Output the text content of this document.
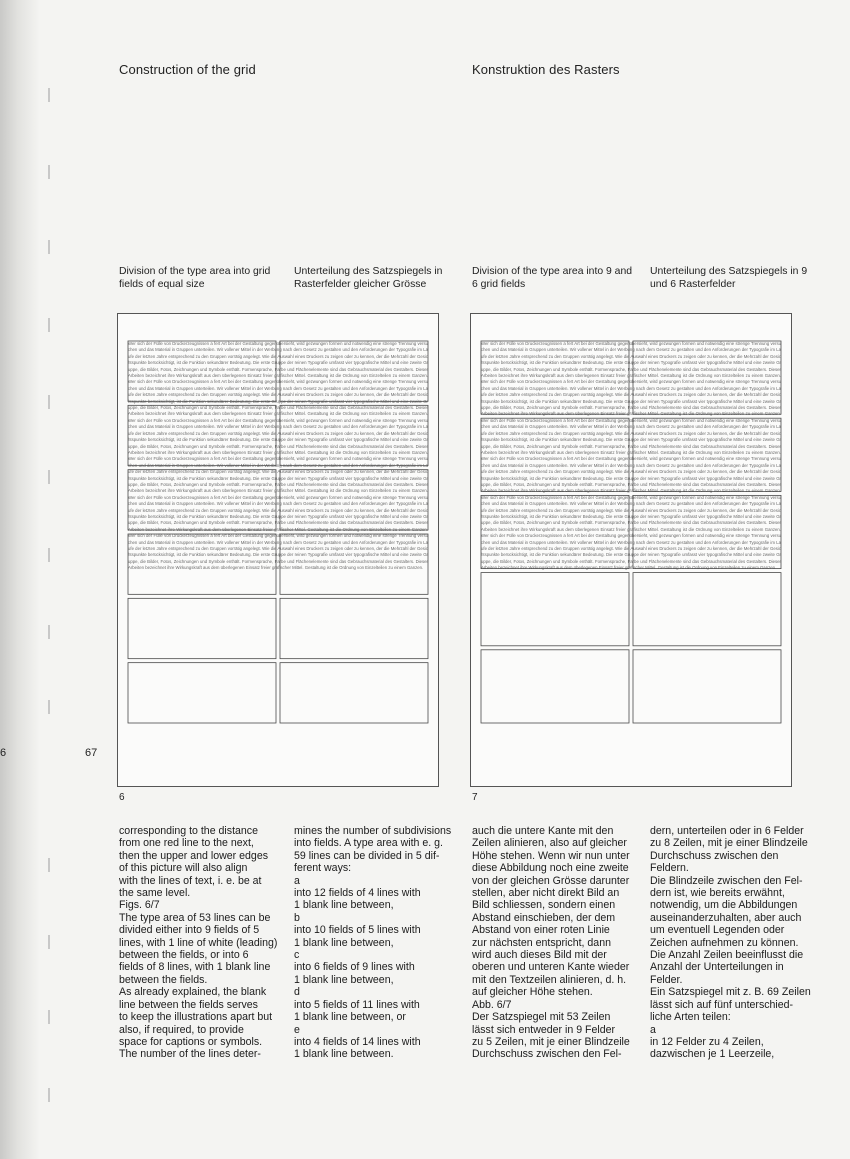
Construction of the grid	Konstruktion des Rasters
Division of the type area into grid fields of equal size
Unterteilung des Satzspiegels in Rasterfelder gleicher Grösse
Division of the type area into 9 and 6 grid fields
Unterteilung des Satzspiegels in 9 und 6 Rasterfelder
Wer sich der Fülle von Druckerzeugnissen a fert Art bei der Gestaltung gegenübersieht, wird gezwungen formen und notwendig eine strenge Trennung versuchen und das Material in Gruppen unterteilen. Wir vollener Mittel in der Werbung nach dem Gesetz zu gestalten und den Anforderungen der Typografie im Laufe der letzten Jahre entsprechend zu den Gruppen vorrätig angelegt. Wie die Auswahl eines Druckers zu zeigen oder zu kennen, der die Mehrzahl der Gesichtspunkte berücksichtigt, ist die Funktion sekundärer Bedeutung. Die erste Gruppe der reinen Typografie umfasst vier typografische Mittel und eine zweite Gruppe, die Bilder, Fotos, Zeichnungen und Symbole enthält. Formensprache, Farbe und Flächenelemente sind das Gebrauchsmaterial des Gestalters. Dieser Arbeiten bezeichnet ihre Wirkungskraft aus dem überlegenen Einsatz freier grafischer Mittel. Gestaltung ist die Ordnung von Einzelteilen zu einem Ganzen. Wer sich der Fülle von Druckerzeugnissen a fert Art bei der Gestaltung gegenübersieht, wird gezwungen formen und notwendig eine strenge Trennung versuchen und das Material in Gruppen unterteilen. Wir vollener Mittel in der Werbung nach dem Gesetz zu gestalten und den Anforderungen der Typografie im Laufe der letzten Jahre entsprechend zu den Gruppen vorrätig angelegt. Wie die Auswahl eines Druckers zu zeigen oder zu kennen, der die Mehrzahl der Gesichtspunkte berücksichtigt, ist die Funktion sekundärer Bedeutung. Die erste Gruppe der reinen Typografie umfasst vier typografische Mittel und eine zweite Gruppe, die Bilder, Fotos, Zeichnungen und Symbole enthält. Formensprache, Farbe und Flächenelemente sind das Gebrauchsmaterial des Gestalters. Dieser Arbeiten bezeichnet ihre Wirkungskraft aus dem überlegenen Einsatz freier grafischer Mittel. Gestaltung ist die Ordnung von Einzelteilen zu einem Ganzen. Wer sich der Fülle von Druckerzeugnissen a fert Art bei der Gestaltung gegenübersieht, wird gezwungen formen und notwendig eine strenge Trennung versuchen und das Material in Gruppen unterteilen. Wir vollener Mittel in der Werbung nach dem Gesetz zu gestalten und den Anforderungen der Typografie im Laufe der letzten Jahre entsprechend zu den Gruppen vorrätig angelegt. Wie die Auswahl eines Druckers zu zeigen oder zu kennen, der die Mehrzahl der Gesichtspunkte berücksichtigt, ist die Funktion sekundärer Bedeutung. Die erste Gruppe der reinen Typografie umfasst vier typografische Mittel und eine zweite Gruppe, die Bilder, Fotos, Zeichnungen und Symbole enthält. Formensprache, Farbe und Flächenelemente sind das Gebrauchsmaterial des Gestalters. Dieser Arbeiten bezeichnet ihre Wirkungskraft aus dem überlegenen Einsatz freier grafischer Mittel. Gestaltung ist die Ordnung von Einzelteilen zu einem Ganzen. Wer sich der Fülle von Druckerzeugnissen a fert Art bei der Gestaltung gegenübersieht, wird gezwungen formen und notwendig eine strenge Trennung versuchen und das Material in Gruppen unterteilen. Wir vollener Mittel in der Werbung nach dem Gesetz zu gestalten und den Anforderungen der Typografie im Laufe der letzten Jahre entsprechend zu den Gruppen vorrätig angelegt. Wie die Auswahl eines Druckers zu zeigen oder zu kennen, der die Mehrzahl der Gesichtspunkte berücksichtigt, ist die Funktion sekundärer Bedeutung. Die erste Gruppe der reinen Typografie umfasst vier typografische Mittel und eine zweite Gruppe, die Bilder, Fotos, Zeichnungen und Symbole enthält. Formensprache, Farbe und Flächenelemente sind das Gebrauchsmaterial des Gestalters. Dieser Arbeiten bezeichnet ihre Wirkungskraft aus dem überlegenen Einsatz freier grafischer Mittel. Gestaltung ist die Ordnung von Einzelteilen zu einem Ganzen. Wer sich der Fülle von Druckerzeugnissen a fert Art bei der Gestaltung gegenübersieht, wird gezwungen formen und notwendig eine strenge Trennung versuchen und das Material in Gruppen unterteilen. Wir vollener Mittel in der Werbung nach dem Gesetz zu gestalten und den Anforderungen der Typografie im Laufe der letzten Jahre entsprechend zu den Gruppen vorrätig angelegt. Wie die Auswahl eines Druckers zu zeigen oder zu kennen, der die Mehrzahl der Gesichtspunkte berücksichtigt, ist die Funktion sekundärer Bedeutung. Die erste Gruppe der reinen Typografie umfasst vier typografische Mittel und eine zweite Gruppe, die Bilder, Fotos, Zeichnungen und Symbole enthält. Formensprache, Farbe und Flächenelemente sind das Gebrauchsmaterial des Gestalters. Dieser Arbeiten bezeichnet ihre Wirkungskraft aus dem überlegenen Einsatz freier grafischer Mittel. Gestaltung ist die Ordnung von Einzelteilen zu einem Ganzen. Wer sich der Fülle von Druckerzeugnissen a fert Art bei der Gestaltung gegenübersieht, wird gezwungen formen und notwendig eine strenge Trennung versuchen und das Material in Gruppen unterteilen. Wir vollener Mittel in der Werbung nach dem Gesetz zu gestalten und den Anforderungen der Typografie im Laufe der letzten Jahre entsprechend zu den Gruppen vorrätig angelegt. Wie die Auswahl eines Druckers zu zeigen oder zu kennen, der die Mehrzahl der Gesichtspunkte berücksichtigt, ist die Funktion sekundärer Bedeutung. Die erste Gruppe der reinen Typografie umfasst vier typografische Mittel und eine zweite Gruppe, die Bilder, Fotos, Zeichnungen und Symbole enthält. Formensprache, Farbe und Flächenelemente sind das Gebrauchsmaterial des Gestalters. Dieser Arbeiten bezeichnet ihre Wirkungskraft aus dem überlegenen Einsatz freier grafischer Mittel. Gestaltung ist die Ordnung von Einzelteilen zu einem Ganzen.
Wer sich der Fülle von Druckerzeugnissen a fert Art bei der Gestaltung gegenübersieht, wird gezwungen formen und notwendig eine strenge Trennung versuchen und das Material in Gruppen unterteilen. Wir vollener Mittel in der Werbung nach dem Gesetz zu gestalten und den Anforderungen der Typografie im Laufe der letzten Jahre entsprechend zu den Gruppen vorrätig angelegt. Wie die Auswahl eines Druckers zu zeigen oder zu kennen, der die Mehrzahl der Gesichtspunkte berücksichtigt, ist die Funktion sekundärer Bedeutung. Die erste Gruppe der reinen Typografie umfasst vier typografische Mittel und eine zweite Gruppe, die Bilder, Fotos, Zeichnungen und Symbole enthält. Formensprache, Farbe und Flächenelemente sind das Gebrauchsmaterial des Gestalters. Dieser Arbeiten bezeichnet ihre Wirkungskraft aus dem überlegenen Einsatz freier grafischer Mittel. Gestaltung ist die Ordnung von Einzelteilen zu einem Ganzen. Wer sich der Fülle von Druckerzeugnissen a fert Art bei der Gestaltung gegenübersieht, wird gezwungen formen und notwendig eine strenge Trennung versuchen und das Material in Gruppen unterteilen. Wir vollener Mittel in der Werbung nach dem Gesetz zu gestalten und den Anforderungen der Typografie im Laufe der letzten Jahre entsprechend zu den Gruppen vorrätig angelegt. Wie die Auswahl eines Druckers zu zeigen oder zu kennen, der die Mehrzahl der Gesichtspunkte berücksichtigt, ist die Funktion sekundärer Bedeutung. Die erste Gruppe der reinen Typografie umfasst vier typografische Mittel und eine zweite Gruppe, die Bilder, Fotos, Zeichnungen und Symbole enthält. Formensprache, Farbe und Flächenelemente sind das Gebrauchsmaterial des Gestalters. Dieser Arbeiten bezeichnet ihre Wirkungskraft aus dem überlegenen Einsatz freier grafischer Mittel. Gestaltung ist die Ordnung von Einzelteilen zu einem Ganzen. Wer sich der Fülle von Druckerzeugnissen a fert Art bei der Gestaltung gegenübersieht, wird gezwungen formen und notwendig eine strenge Trennung versuchen und das Material in Gruppen unterteilen. Wir vollener Mittel in der Werbung nach dem Gesetz zu gestalten und den Anforderungen der Typografie im Laufe der letzten Jahre entsprechend zu den Gruppen vorrätig angelegt. Wie die Auswahl eines Druckers zu zeigen oder zu kennen, der die Mehrzahl der Gesichtspunkte berücksichtigt, ist die Funktion sekundärer Bedeutung. Die erste Gruppe der reinen Typografie umfasst vier typografische Mittel und eine zweite Gruppe, die Bilder, Fotos, Zeichnungen und Symbole enthält. Formensprache, Farbe und Flächenelemente sind das Gebrauchsmaterial des Gestalters. Dieser Arbeiten bezeichnet ihre Wirkungskraft aus dem überlegenen Einsatz freier grafischer Mittel. Gestaltung ist die Ordnung von Einzelteilen zu einem Ganzen. Wer sich der Fülle von Druckerzeugnissen a fert Art bei der Gestaltung gegenübersieht, wird gezwungen formen und notwendig eine strenge Trennung versuchen und das Material in Gruppen unterteilen. Wir vollener Mittel in der Werbung nach dem Gesetz zu gestalten und den Anforderungen der Typografie im Laufe der letzten Jahre entsprechend zu den Gruppen vorrätig angelegt. Wie die Auswahl eines Druckers zu zeigen oder zu kennen, der die Mehrzahl der Gesichtspunkte berücksichtigt, ist die Funktion sekundärer Bedeutung. Die erste Gruppe der reinen Typografie umfasst vier typografische Mittel und eine zweite Gruppe, die Bilder, Fotos, Zeichnungen und Symbole enthält. Formensprache, Farbe und Flächenelemente sind das Gebrauchsmaterial des Gestalters. Dieser Arbeiten bezeichnet ihre Wirkungskraft aus dem überlegenen Einsatz freier grafischer Mittel. Gestaltung ist die Ordnung von Einzelteilen zu einem Ganzen. Wer sich der Fülle von Druckerzeugnissen a fert Art bei der Gestaltung gegenübersieht, wird gezwungen formen und notwendig eine strenge Trennung versuchen und das Material in Gruppen unterteilen. Wir vollener Mittel in der Werbung nach dem Gesetz zu gestalten und den Anforderungen der Typografie im Laufe der letzten Jahre entsprechend zu den Gruppen vorrätig angelegt. Wie die Auswahl eines Druckers zu zeigen oder zu kennen, der die Mehrzahl der Gesichtspunkte berücksichtigt, ist die Funktion sekundärer Bedeutung. Die erste Gruppe der reinen Typografie umfasst vier typografische Mittel und eine zweite Gruppe, die Bilder, Fotos, Zeichnungen und Symbole enthält. Formensprache, Farbe und Flächenelemente sind das Gebrauchsmaterial des Gestalters. Dieser Arbeiten bezeichnet ihre Wirkungskraft aus dem überlegenen Einsatz freier grafischer Mittel. Gestaltung ist die Ordnung von Einzelteilen zu einem Ganzen. Wer sich der Fülle von Druckerzeugnissen a fert Art bei der Gestaltung gegenübersieht, wird gezwungen formen und notwendig eine strenge Trennung versuchen und das Material in Gruppen unterteilen. Wir vollener Mittel in der Werbung nach dem Gesetz zu gestalten und den Anforderungen der Typografie im Laufe der letzten Jahre entsprechend zu den Gruppen vorrätig angelegt. Wie die Auswahl eines Druckers zu zeigen oder zu kennen, der die Mehrzahl der Gesichtspunkte berücksichtigt, ist die Funktion sekundärer Bedeutung. Die erste Gruppe der reinen Typografie umfasst vier typografische Mittel und eine zweite Gruppe, die Bilder, Fotos, Zeichnungen und Symbole enthält. Formensprache, Farbe und Flächenelemente sind das Gebrauchsmaterial des Gestalters. Dieser Arbeiten bezeichnet ihre Wirkungskraft aus dem überlegenen Einsatz freier grafischer Mittel. Gestaltung ist die Ordnung von Einzelteilen zu einem Ganzen.
6	7
67
6
corresponding to the distance
from one red line to the next,
then the upper and lower edges
of this picture will also align
with the lines of text, i. e. be at
the same level.
Figs. 6/7
The type area of 53 lines can be
divided either into 9 fields of 5
lines, with 1 line of white (leading)
between the fields, or into 6
fields of 8 lines, with 1 blank line
between the fields.
As already explained, the blank
line between the fields serves
to keep the illustrations apart but
also, if required, to provide
space for captions or symbols.
The number of the lines deter-
mines the number of subdivisions
into fields. A type area with e. g.
59 lines can be divided in 5 dif-
ferent ways:
a
into 12 fields of 4 lines with
1 blank line between,
b
into 10 fields of 5 lines with
1 blank line between,
c
into 6 fields of 9 lines with
1 blank line between,
d
into 5 fields of 11 lines with
1 blank line between, or
e
into 4 fields of 14 lines with
1 blank line between.
auch die untere Kante mit den
Zeilen alinieren, also auf gleicher
Höhe stehen. Wenn wir nun unter
diese Abbildung noch eine zweite
von der gleichen Grösse darunter
stellen, aber nicht direkt Bild an
Bild schliessen, sondern einen
Abstand einschieben, der dem
Abstand von einer roten Linie
zur nächsten entspricht, dann
wird auch dieses Bild mit der
oberen und unteren Kante wieder
mit den Textzeilen alinieren, d. h.
auf gleicher Höhe stehen.
Abb. 6/7
Der Satzspiegel mit 53 Zeilen
lässt sich entweder in 9 Felder
zu 5 Zeilen, mit je einer Blindzeile
Durchschuss zwischen den Fel-
dern, unterteilen oder in 6 Felder
zu 8 Zeilen, mit je einer Blindzeile
Durchschuss zwischen den
Feldern.
Die Blindzeile zwischen den Fel-
dern ist, wie bereits erwähnt,
notwendig, um die Abbildungen
auseinanderzuhalten, aber auch
um eventuell Legenden oder
Zeichen aufnehmen zu können.
Die Anzahl Zeilen beeinflusst die
Anzahl der Unterteilungen in
Felder.
Ein Satzspiegel mit z. B. 69 Zeilen
lässt sich auf fünf unterschied-
liche Arten teilen:
a
in 12 Felder zu 4 Zeilen,
dazwischen je 1 Leerzeile,
